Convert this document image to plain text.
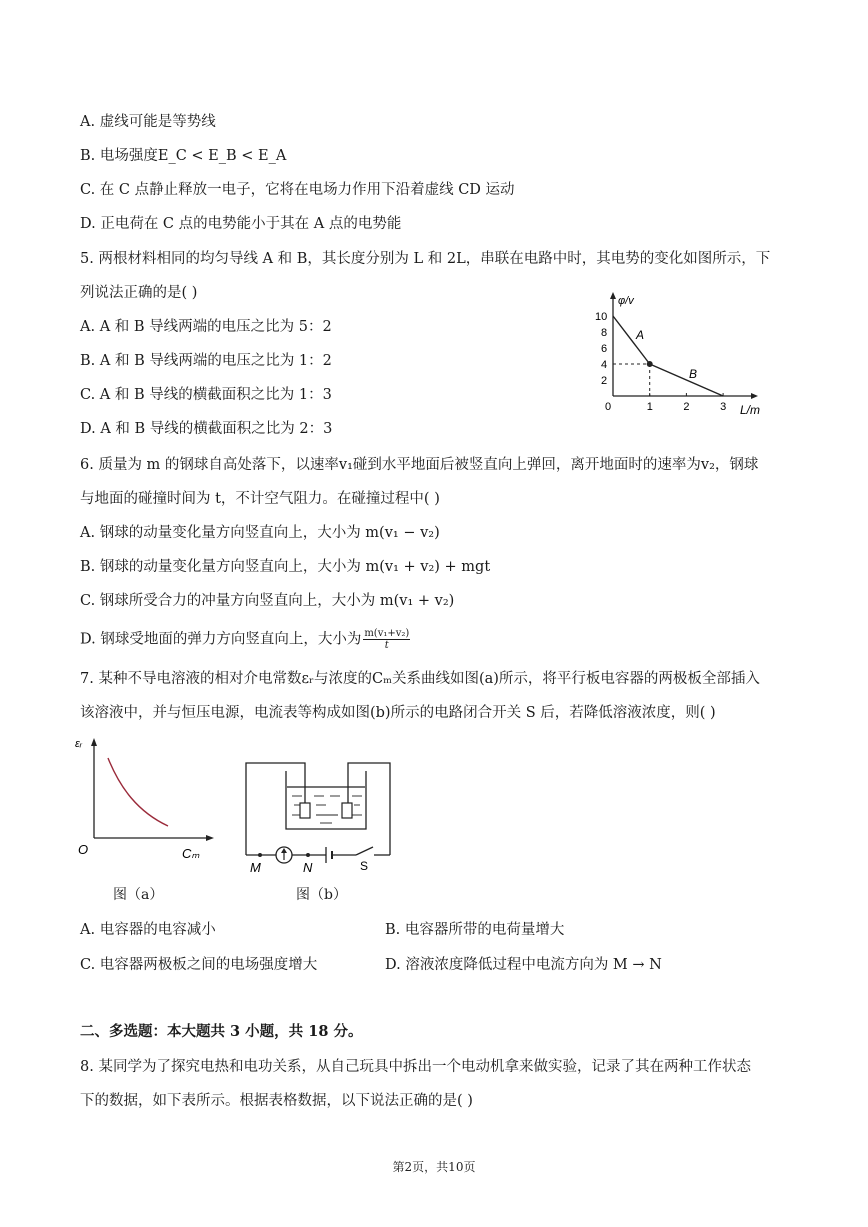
A. 虚线可能是等势线
B. 电场强度E_C < E_B < E_A
C. 在 C 点静止释放一电子，它将在电场力作用下沿着虚线 CD 运动
D. 正电荷在 C 点的电势能小于其在 A 点的电势能
5. 两根材料相同的均匀导线 A 和 B，其长度分别为 L 和 2L，串联在电路中时，其电势的变化如图所示，下
列说法正确的是( )
A. A 和 B 导线两端的电压之比为 5：2
B. A 和 B 导线两端的电压之比为 1：2
C. A 和 B 导线的横截面积之比为 1：3
D. A 和 B 导线的横截面积之比为 2：3
φ/v
L/m
0
10
8
6
4
2
1	2	3
A
B
6. 质量为 m 的钢球自高处落下，以速率v₁碰到水平地面后被竖直向上弹回，离开地面时的速率为v₂，钢球
与地面的碰撞时间为 t，不计空气阻力。在碰撞过程中( )
A. 钢球的动量变化量方向竖直向上，大小为 m(v₁ − v₂)
B. 钢球的动量变化量方向竖直向上，大小为 m(v₁ + v₂) + mgt
C. 钢球所受合力的冲量方向竖直向上，大小为 m(v₁ + v₂)
D. 钢球受地面的弹力方向竖直向上，大小为 $\frac{\text{m(v₁+v₂)}}{t}$
7. 某种不导电溶液的相对介电常数εᵣ与浓度的Cₘ关系曲线如图(a)所示，将平行板电容器的两极板全部插入
该溶液中，并与恒压电源，电流表等构成如图(b)所示的电路闭合开关 S 后，若降低溶液浓度，则( )
εᵣ
Cₘ
O
图（a）
M	N	S
图（b）
A. 电容器的电容减小	B. 电容器所带的电荷量增大
C. 电容器两极板之间的电场强度增大	D. 溶液浓度降低过程中电流方向为 M → N
二、多选题：本大题共 3 小题，共 18 分。
8. 某同学为了探究电热和电功关系，从自己玩具中拆出一个电动机拿来做实验，记录了其在两种工作状态
下的数据，如下表所示。根据表格数据，以下说法正确的是( )
第2页，共10页
